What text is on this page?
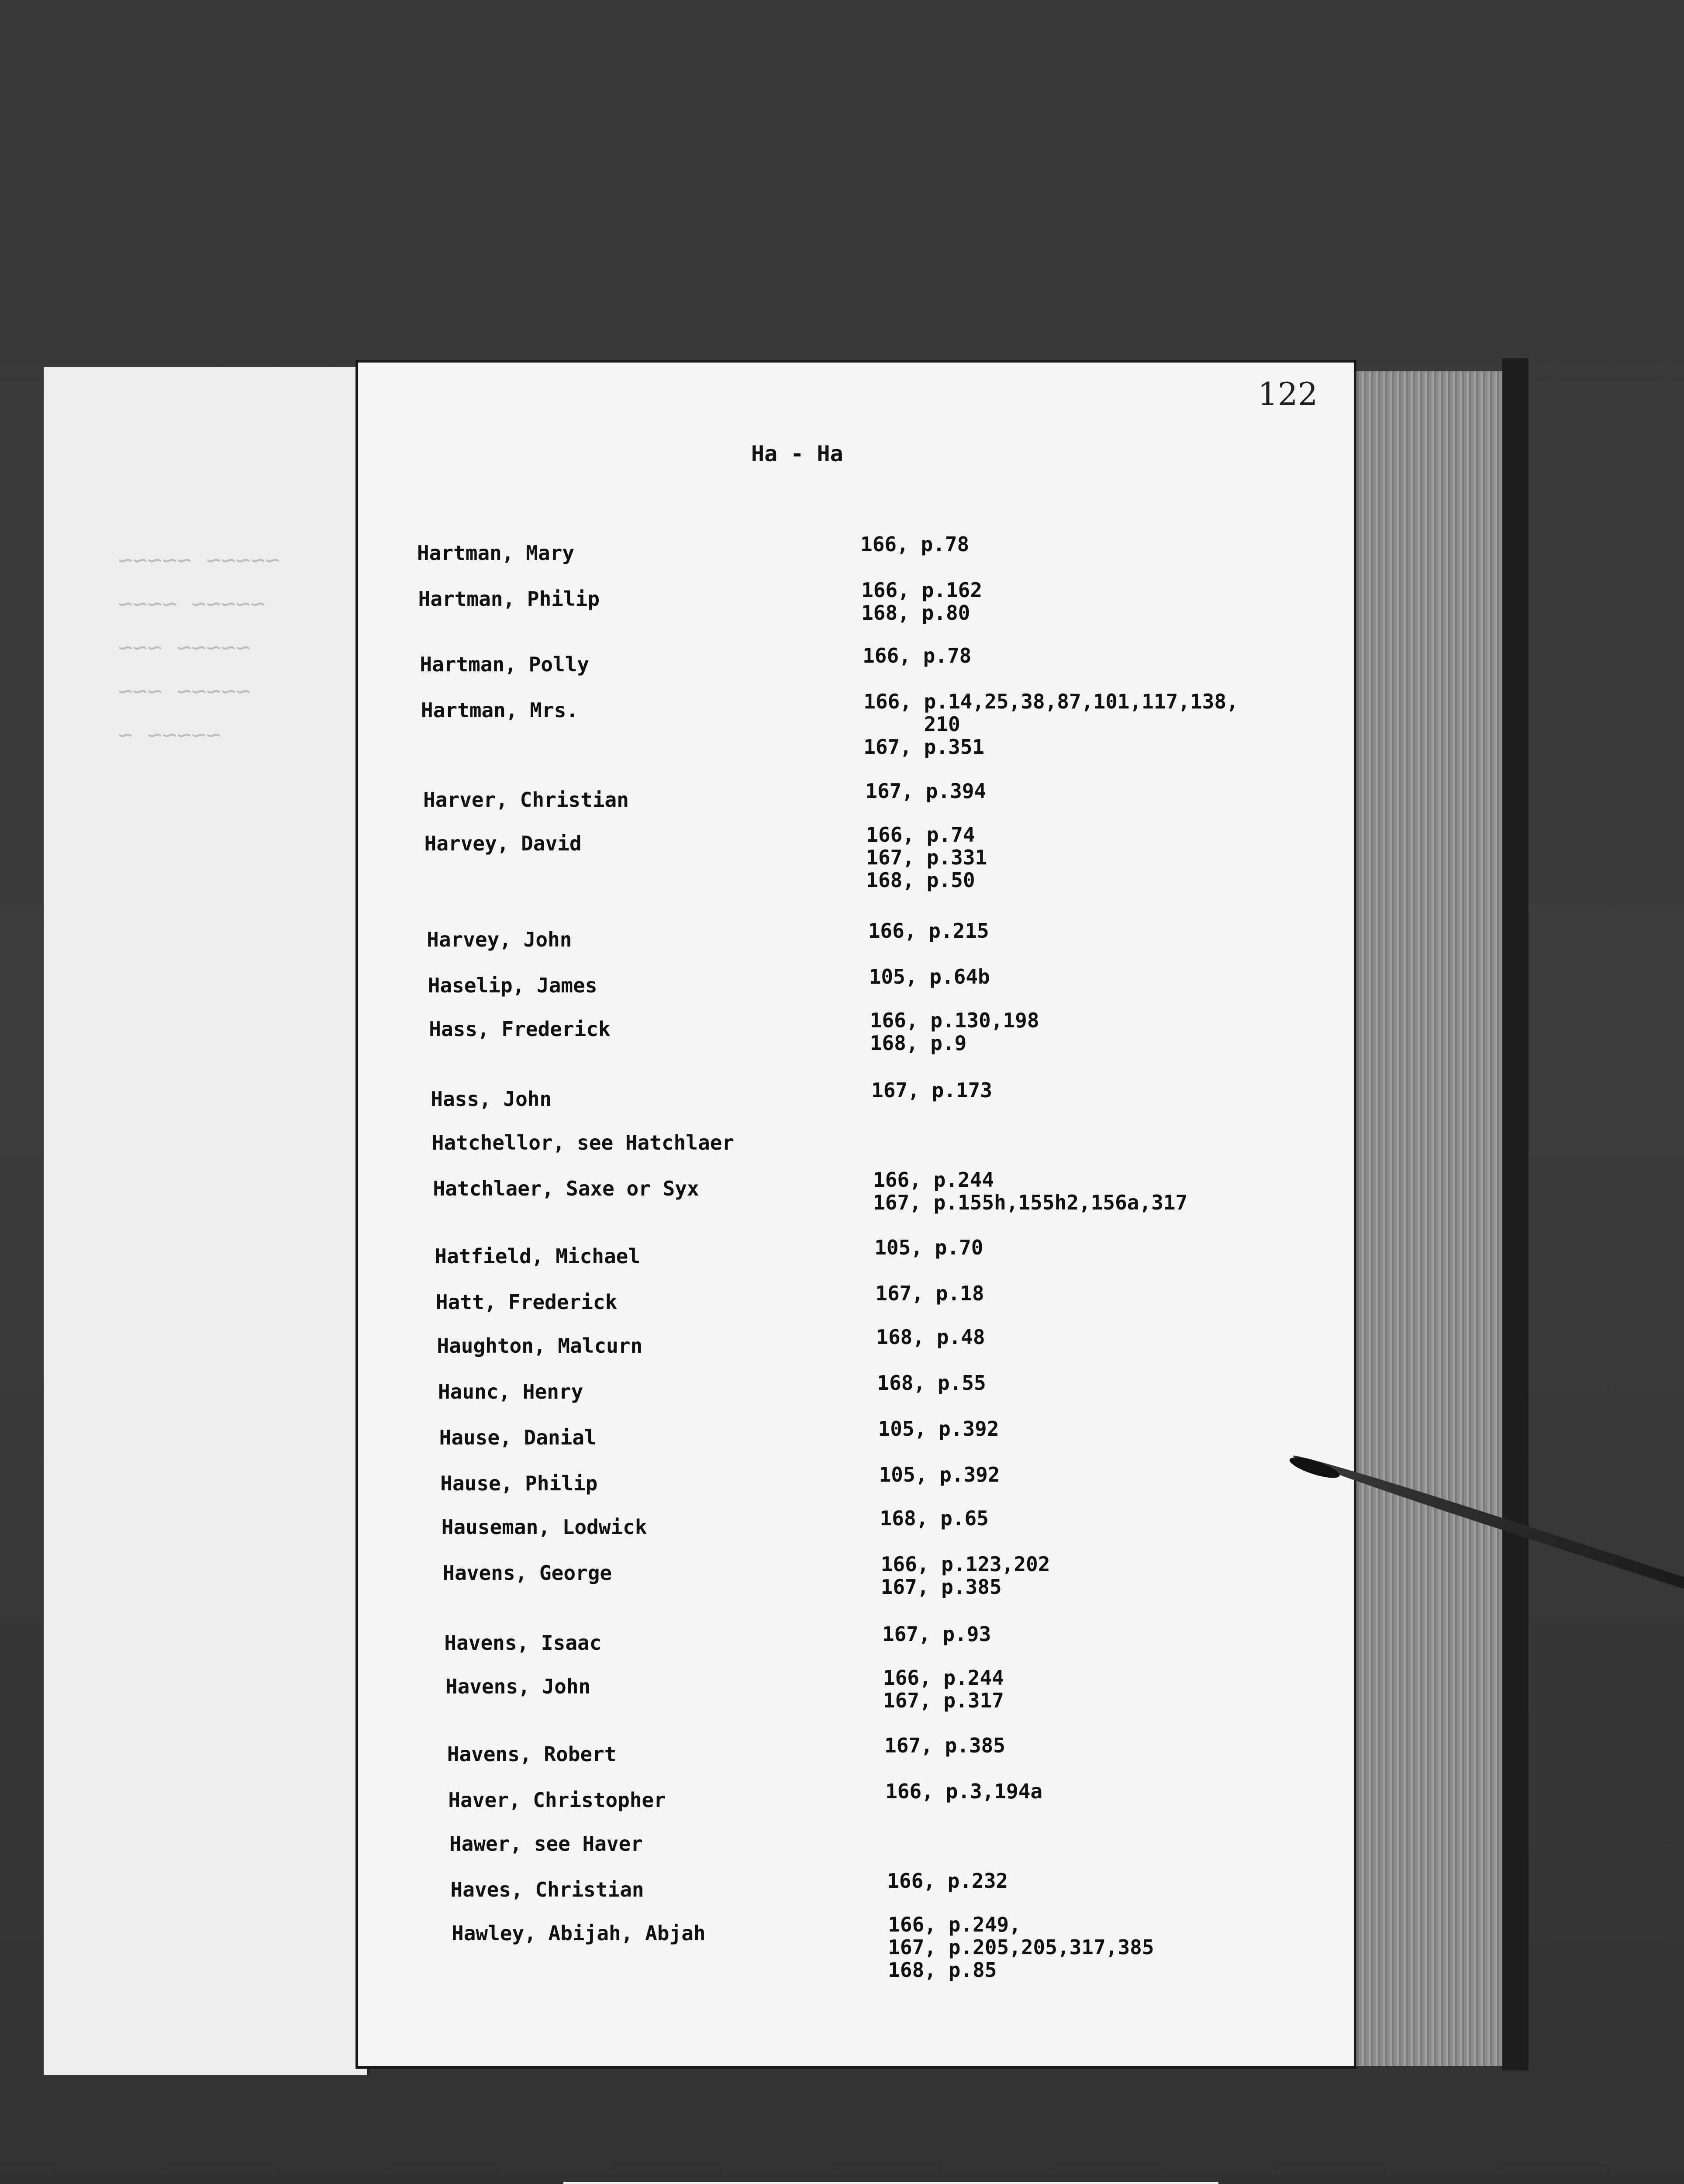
~~~~~ ~~~~~
~~~~~ ~~~~
~~~~~ ~~~
~~~~~ ~~~
~~~~~ ~
122
Ha - Ha
Hartman, Mary	166, p.78
Hartman, Philip	166, p.162
168, p.80
Hartman, Polly	166, p.78
Hartman, Mrs.	166, p.14,25,38,87,101,117,138,
210
167, p.351
Harver, Christian	167, p.394
Harvey, David	166, p.74
167, p.331
168, p.50
Harvey, John	166, p.215
Haselip, James	105, p.64b
Hass, Frederick	166, p.130,198
168, p.9
Hass, John	167, p.173
Hatchellor, see Hatchlaer
Hatchlaer, Saxe or Syx	166, p.244
167, p.155h,155h2,156a,317
Hatfield, Michael	105, p.70
Hatt, Frederick	167, p.18
Haughton, Malcurn	168, p.48
Haunc, Henry	168, p.55
Hause, Danial	105, p.392
Hause, Philip	105, p.392
Hauseman, Lodwick	168, p.65
Havens, George	166, p.123,202
167, p.385
Havens, Isaac	167, p.93
Havens, John	166, p.244
167, p.317
Havens, Robert	167, p.385
Haver, Christopher	166, p.3,194a
Hawer, see Haver
Haves, Christian	166, p.232
Hawley, Abijah, Abjah	166, p.249,
167, p.205,205,317,385
168, p.85
